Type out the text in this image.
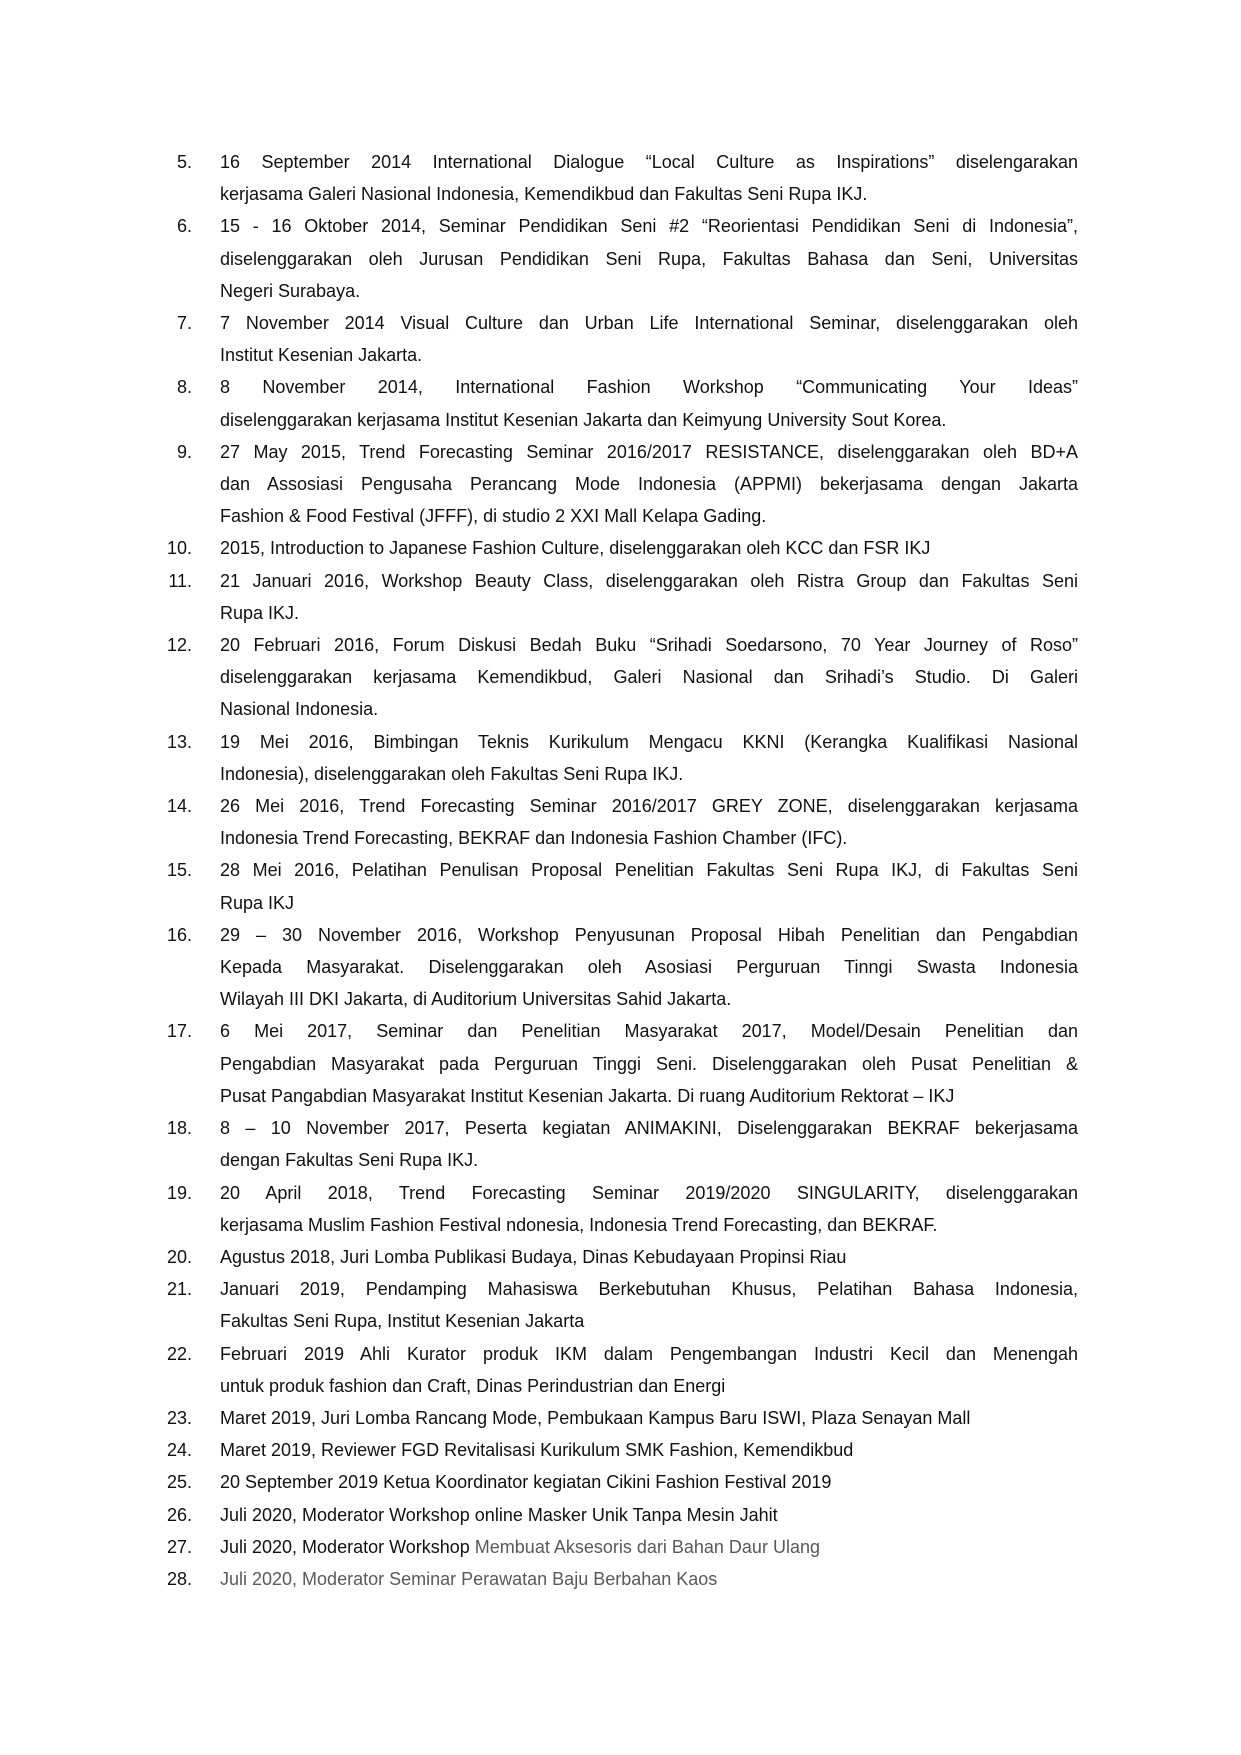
5. 16 September 2014 International Dialogue “Local Culture as Inspirations” diselengarakan
kerjasama Galeri Nasional Indonesia, Kemendikbud dan Fakultas Seni Rupa IKJ.
6. 15 - 16 Oktober 2014, Seminar Pendidikan Seni #2 “Reorientasi Pendidikan Seni di Indonesia”,
diselenggarakan oleh Jurusan Pendidikan Seni Rupa, Fakultas Bahasa dan Seni, Universitas
Negeri Surabaya.
7. 7 November 2014 Visual Culture dan Urban Life International Seminar, diselenggarakan oleh
Institut Kesenian Jakarta.
8. 8 November 2014, International Fashion Workshop “Communicating Your Ideas”
diselenggarakan kerjasama Institut Kesenian Jakarta dan Keimyung University Sout Korea.
9. 27 May 2015, Trend Forecasting Seminar 2016/2017 RESISTANCE, diselenggarakan oleh BD+A
dan Assosiasi Pengusaha Perancang Mode Indonesia (APPMI) bekerjasama dengan Jakarta
Fashion & Food Festival (JFFF), di studio 2 XXI Mall Kelapa Gading.
10. 2015, Introduction to Japanese Fashion Culture, diselenggarakan oleh KCC dan FSR IKJ
11. 21 Januari 2016, Workshop Beauty Class, diselenggarakan oleh Ristra Group dan Fakultas Seni
Rupa IKJ.
12. 20 Februari 2016, Forum Diskusi Bedah Buku “Srihadi Soedarsono, 70 Year Journey of Roso”
diselenggarakan kerjasama Kemendikbud, Galeri Nasional dan Srihadi’s Studio. Di Galeri
Nasional Indonesia.
13. 19 Mei 2016, Bimbingan Teknis Kurikulum Mengacu KKNI (Kerangka Kualifikasi Nasional
Indonesia), diselenggarakan oleh Fakultas Seni Rupa IKJ.
14. 26 Mei 2016, Trend Forecasting Seminar 2016/2017 GREY ZONE, diselenggarakan kerjasama
Indonesia Trend Forecasting, BEKRAF dan Indonesia Fashion Chamber (IFC).
15. 28 Mei 2016, Pelatihan Penulisan Proposal Penelitian Fakultas Seni Rupa IKJ, di Fakultas Seni
Rupa IKJ
16. 29 – 30 November 2016, Workshop Penyusunan Proposal Hibah Penelitian dan Pengabdian
Kepada Masyarakat. Diselenggarakan oleh Asosiasi Perguruan Tinngi Swasta Indonesia
Wilayah III DKI Jakarta, di Auditorium Universitas Sahid Jakarta.
17. 6 Mei 2017, Seminar dan Penelitian Masyarakat 2017, Model/Desain Penelitian dan
Pengabdian Masyarakat pada Perguruan Tinggi Seni. Diselenggarakan oleh Pusat Penelitian &
Pusat Pangabdian Masyarakat Institut Kesenian Jakarta. Di ruang Auditorium Rektorat – IKJ
18. 8 – 10 November 2017, Peserta kegiatan ANIMAKINI, Diselenggarakan BEKRAF bekerjasama
dengan Fakultas Seni Rupa IKJ.
19. 20 April 2018, Trend Forecasting Seminar 2019/2020 SINGULARITY, diselenggarakan
kerjasama Muslim Fashion Festival ndonesia, Indonesia Trend Forecasting, dan BEKRAF.
20. Agustus 2018, Juri Lomba Publikasi Budaya, Dinas Kebudayaan Propinsi Riau
21. Januari 2019, Pendamping Mahasiswa Berkebutuhan Khusus, Pelatihan Bahasa Indonesia,
Fakultas Seni Rupa, Institut Kesenian Jakarta
22. Februari 2019 Ahli Kurator produk IKM dalam Pengembangan Industri Kecil dan Menengah
untuk produk fashion dan Craft, Dinas Perindustrian dan Energi
23. Maret 2019, Juri Lomba Rancang Mode, Pembukaan Kampus Baru ISWI, Plaza Senayan Mall
24. Maret 2019, Reviewer FGD Revitalisasi Kurikulum SMK Fashion, Kemendikbud
25. 20 September 2019 Ketua Koordinator kegiatan Cikini Fashion Festival 2019
26. Juli 2020, Moderator Workshop online Masker Unik Tanpa Mesin Jahit
27. Juli 2020, Moderator Workshop Membuat Aksesoris dari Bahan Daur Ulang
28. Juli 2020, Moderator Seminar Perawatan Baju Berbahan Kaos
